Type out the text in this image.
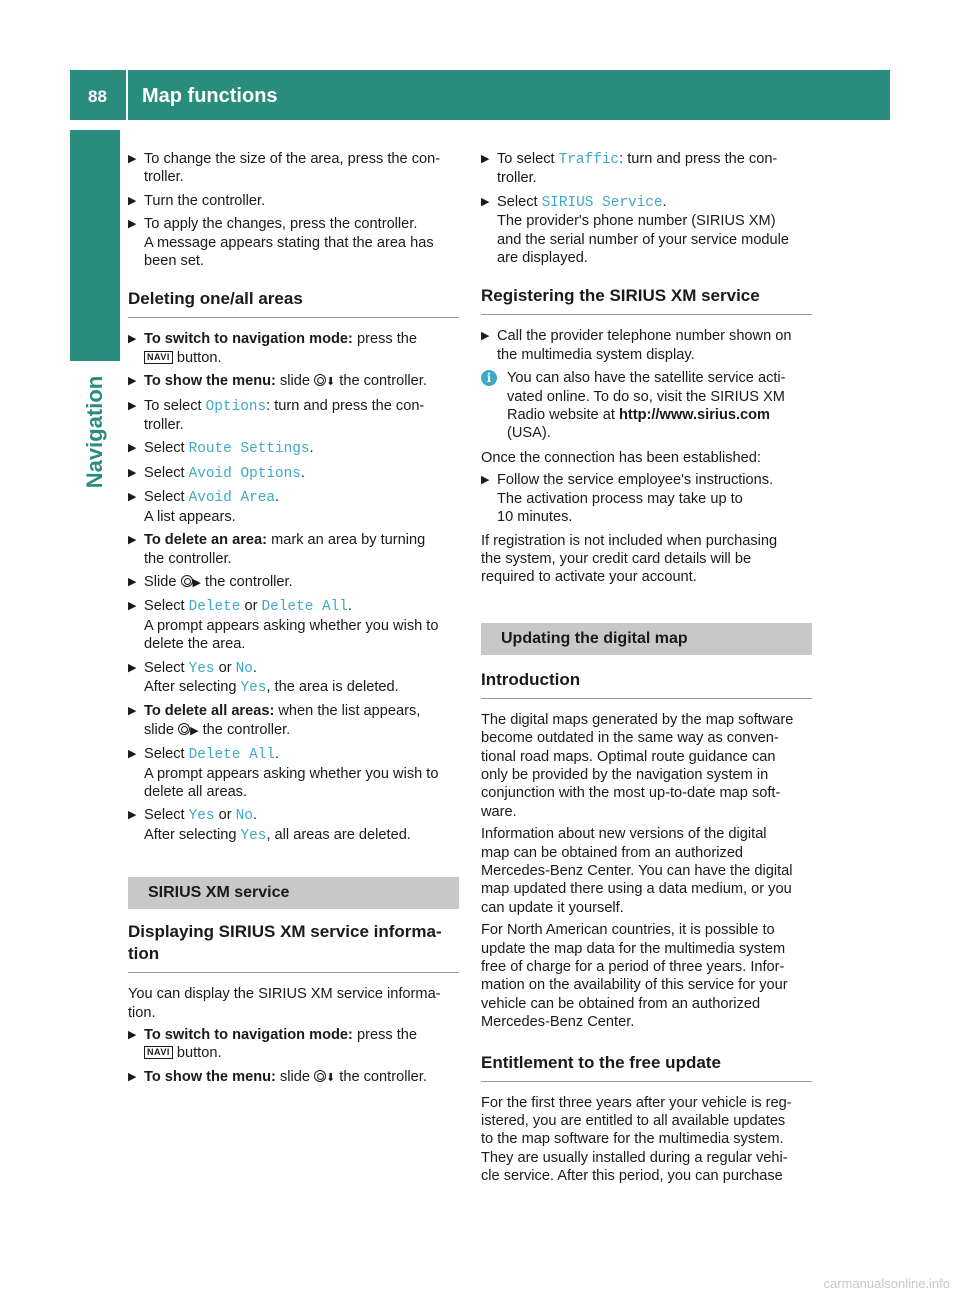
88 Map functions
Navigation
▶ To change the size of the area, press the con-
troller.
▶ Turn the controller.
▶ To apply the changes, press the controller.
A message appears stating that the area has
been set.
Deleting one/all areas
▶ To switch to navigation mode: press the
NAVI button.
▶ To show the menu: slide ⬇ the controller.
▶ To select Options: turn and press the con-
troller.
▶ Select Route Settings.
▶ Select Avoid Options.
▶ Select Avoid Area.
A list appears.
▶ To delete an area: mark an area by turning
the controller.
▶ Slide ▶ the controller.
▶ Select Delete or Delete All.
A prompt appears asking whether you wish to
delete the area.
▶ Select Yes or No.
After selecting Yes, the area is deleted.
▶ To delete all areas: when the list appears,
slide ▶ the controller.
▶ Select Delete All.
A prompt appears asking whether you wish to
delete all areas.
▶ Select Yes or No.
After selecting Yes, all areas are deleted.
SIRIUS XM service
Displaying SIRIUS XM service informa-
tion
You can display the SIRIUS XM service informa-
tion.
▶ To switch to navigation mode: press the
NAVI button.
▶ To show the menu: slide ⬇ the controller.
▶ To select Traffic: turn and press the con-
troller.
▶ Select SIRIUS Service.
The provider's phone number (SIRIUS XM)
and the serial number of your service module
are displayed.
Registering the SIRIUS XM service
▶ Call the provider telephone number shown on
the multimedia system display.
i	You can also have the satellite service acti-
vated online. To do so, visit the SIRIUS XM
Radio website at http://www.sirius.com
(USA).
Once the connection has been established:
▶ Follow the service employee's instructions.
The activation process may take up to
10 minutes.
If registration is not included when purchasing
the system, your credit card details will be
required to activate your account.
Updating the digital map
Introduction
The digital maps generated by the map software
become outdated in the same way as conven-
tional road maps. Optimal route guidance can
only be provided by the navigation system in
conjunction with the most up-to-date map soft-
ware.
Information about new versions of the digital
map can be obtained from an authorized
Mercedes-Benz Center. You can have the digital
map updated there using a data medium, or you
can update it yourself.
For North American countries, it is possible to
update the map data for the multimedia system
free of charge for a period of three years. Infor-
mation on the availability of this service for your
vehicle can be obtained from an authorized
Mercedes-Benz Center.
Entitlement to the free update
For the first three years after your vehicle is reg-
istered, you are entitled to all available updates
to the map software for the multimedia system.
They are usually installed during a regular vehi-
cle service. After this period, you can purchase
carmanualsonline.info
